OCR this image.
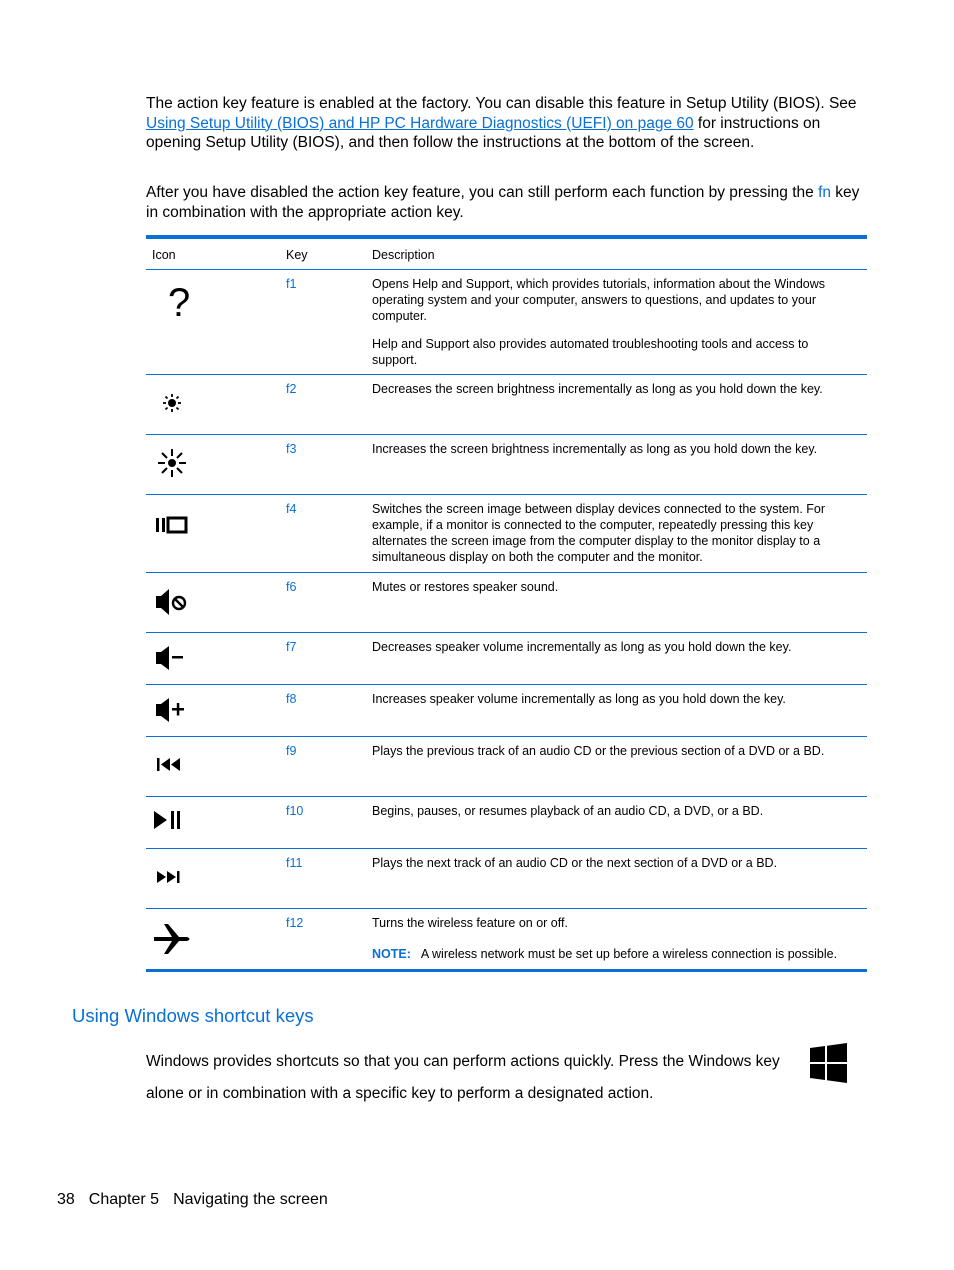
The action key feature is enabled at the factory. You can disable this feature in Setup Utility (BIOS). See Using Setup Utility (BIOS) and HP PC Hardware Diagnostics (UEFI) on page 60 for instructions on opening Setup Utility (BIOS), and then follow the instructions at the bottom of the screen.
After you have disabled the action key feature, you can still perform each function by pressing the fn key in combination with the appropriate action key.
Icon	Key	Description
?	f1	Opens Help and Support, which provides tutorials, information about the Windows operating system and your computer, answers to questions, and updates to your computer.

Help and Support also provides automated troubleshooting tools and access to support.

f2	Decreases the screen brightness incrementally as long as you hold down the key.
f3	Increases the screen brightness incrementally as long as you hold down the key.
f4	Switches the screen image between display devices connected to the system. For example, if a monitor is connected to the computer, repeatedly pressing this key alternates the screen image from the computer display to the monitor display to a simultaneous display on both the computer and the monitor.
f6	Mutes or restores speaker sound.
f7	Decreases speaker volume incrementally as long as you hold down the key.
f8	Increases speaker volume incrementally as long as you hold down the key.
f9	Plays the previous track of an audio CD or the previous section of a DVD or a BD.
f10	Begins, pauses, or resumes playback of an audio CD, a DVD, or a BD.
f11	Plays the next track of an audio CD or the next section of a DVD or a BD.
f12	Turns the wireless feature on or off.

NOTE: A wireless network must be set up before a wireless connection is possible.
Using Windows shortcut keys
Windows provides shortcuts so that you can perform actions quickly. Press the Windows key
alone or in combination with a specific key to perform a designated action.
38 Chapter 5 Navigating the screen
